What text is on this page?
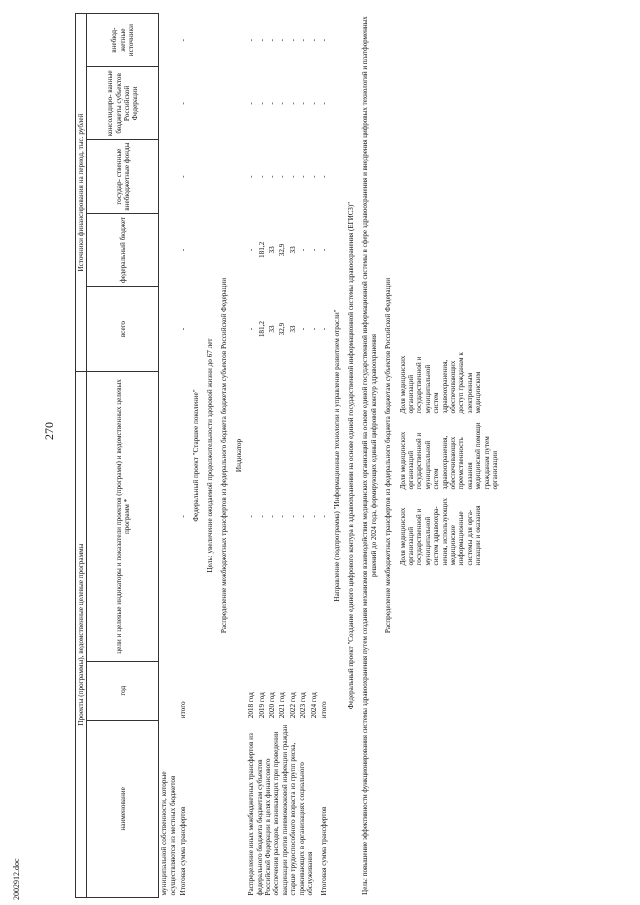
270
2002912.doc
Проекты (программы), ведомственные целевые программы			Источники финансирования на период, тыс. рублей				
наименование	год	цели и целевые индикаторы и показатели проектов (программ) и ведомственных целевых программ *	всего	федеральный бюджет	государ- ственные внебюджетные фонды	консолидиро- ванные бюджеты субъектов Российской Федерации	внебюд- жетные источники
муниципальной собственности, которые осуществляются из местных бюджетов							
Итоговая сумма трансфертов	итого	-	-	-	-	-	-
Федеральный проект "Старшее поколение"							
Цель: увеличение ожидаемой продолжительности здоровой жизни до 67 лет							
Распределение межбюджетных трансфертов из федерального бюджета бюджетам субъектов Российской Федерации							
Индикатор							
Распределение иных межбюджетных трансфертов из федерального бюджета бюджетам субъектов Российской Федерации в целях финансового обеспечения расходов, возникающих при проведении вакцинации против пневмококковой инфекции граждан старше трудоспособного возраста из групп риска, проживающих в организациях социального обслуживания	2018 год	-	-	-	-	-	-
	2019 год	-	181,2	181,2	-	-	-
	2020 год	-	33	33	-	-	-
	2021 год	-	32,9	32,9	-	-	-
	2022 год	-	33	33	-	-	-
	2023 год	-	-	-	-	-	-
	2024 год	-	-	-	-	-	-
Итоговая сумма трансфертов	итого	-	-	-	-	-	-
Направление (подпрограмма) "Информационные технологии и управление развитием отрасли"							
Федеральный проект "Создание единого цифрового контура в здравоохранении на основе единой государственной информационной системы здравоохранения (ЕГИСЗ)"							
Цель: повышение эффективности функционирования системы здравоохранения путем создания механизмов взаимодействия медицинских организаций на основе единой государственной информационной системы в сфере здравоохранения и внедрения цифровых технологий и платформенных решений до 2024 года, формирующих единый цифровой контур здравоохранения							
Распределение межбюджетных трансфертов из федерального бюджета бюджетам субъектов Российской Федерации							

Доля медицинских организаций государственной и муниципальной систем здравоохра- нения, использующих медицинские информационные системы для орга- низации и оказания
Доля медицинских организаций государственной и муниципальной систем здравоохранения, обеспечивающих преемственность оказания медицинской помощи гражданам путем организации
Доля медицинских организаций государственной и муниципальной систем здравоохранения, обеспечивающих доступ гражданам к электронным медицинским							
